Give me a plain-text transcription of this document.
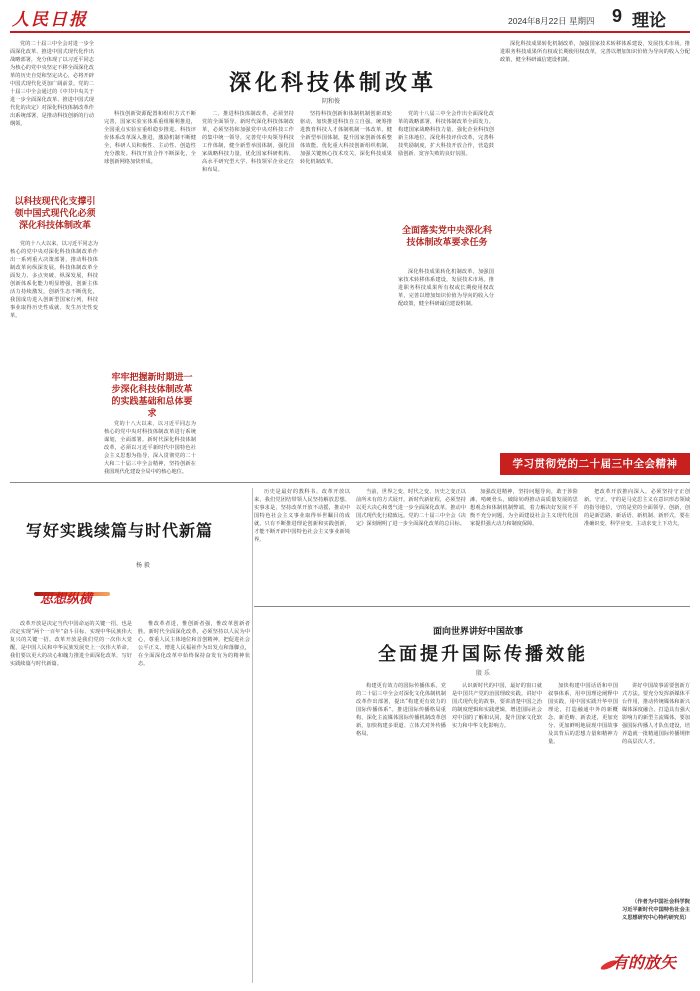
人民日报	2024年8月22日 星期四 9 理论

党的二十届三中全会对进一步全面深化改革、推进中国式现代化作出战略部署，充分体现了以习近平同志为核心的党中央坚定不移全面深化改革的历史自觉和坚定决心，必将开辟中国式现代化更加广阔前景。党的二十届三中全会通过的《中共中央关于进一步全面深化改革、推进中国式现代化的决定》对深化科技体制改革作出系统部署，是推动科技创新的行动纲领。

深化科技体制改革
阴和俊
以科技现代化支撑引领中国式现代化必须深化科技体制改革

党的十八大以来，以习近平同志为核心的党中央对深化科技体制改革作出一系列重大决策部署，推动科技体制改革向纵深发展。科技体制改革全面发力、多点突破、纵深发展，科技创新体系化能力明显增强，创新主体活力持续激发，创新生态不断优化，我国成功进入创新型国家行列，科技事业取得历史性成就、发生历史性变革。

科技创新资源配置和组织方式不断完善，国家实验室体系重组顺利推进，全国重点实验室重组稳步推进。科技评价体系改革深入推进，激励机制不断健全，科研人员积极性、主动性、创造性充分激发。科技开放合作不断深化，全球创新网络加快形成。

牢牢把握新时期进一步深化科技体制改革的实践基础和总体要求

党的十八大以来，以习近平同志为核心的党中央对科技体制改革进行系统谋划，全面部署。新时代深化科技体制改革，必须以习近平新时代中国特色社会主义思想为指导，深入贯彻党的二十大和二十届三中全会精神，坚持创新在我国现代化建设全局中的核心地位。

二、推进科技体制改革，必须坚持党的全面领导。新时代深化科技体制改革，必须坚持和加强党中央对科技工作的集中统一领导，完善党中央领导科技工作体制，健全新型举国体制，强化国家战略科技力量，优化国家科研机构、高水平研究型大学、科技领军企业定位和布局。

坚持科技创新和体制机制创新双轮驱动，加快推进科技自立自强。统筹推进教育科技人才体制机制一体改革，健全新型举国体制，提升国家创新体系整体效能。优化重大科技创新组织机制，加强关键核心技术攻关，深化科技成果转化机制改革。

全面落实党中央深化科技体制改革要求任务

党的十八届三中全会作出全面深化改革的战略部署，科技体制改革全面发力。构建国家战略科技力量，强化企业科技创新主体地位，深化科技评价改革，完善科技奖励制度，扩大科技开放合作，营造鼓励创新、宽容失败的良好氛围。

深化科技成果转化机制改革，加强国家技术转移体系建设，发展技术市场。推进职务科技成果所有权或长期使用权改革，完善以增加知识价值为导向的收入分配政策，健全科研诚信建设机制。

深化科技成果转化机制改革，加强国家技术转移体系建设，发展技术市场。推进职务科技成果所有权或长期使用权改革，完善以增加知识价值为导向的收入分配政策，健全科研诚信建设机制。

学习贯彻党的二十届三中全会精神
写好实践续篇与时代新篇
杨 毅
思想纵横

改革开放是决定当代中国命运的关键一招，也是决定实现“两个一百年”奋斗目标、实现中华民族伟大复兴的关键一招。改革开放是我们党的一次伟大觉醒，是中国人民和中华民族发展史上一次伟大革命。我们要以更大的决心和魄力推进全面深化改革，写好实践续篇与时代新篇。

惟改革者进，惟创新者强，惟改革创新者胜。新时代全面深化改革，必须坚持以人民为中心，尊重人民主体地位和首创精神，把促进社会公平正义、增进人民福祉作为出发点和落脚点，在全面深化改革中始终保持奋发有为的精神状态。

历史是最好的教科书。改革开放以来，我们党团结带领人民坚持解放思想、实事求是，坚持改革开放不动摇，推动中国特色社会主义事业取得举世瞩目的成就。只有不断推进理论创新和实践创新，才能不断开辟中国特色社会主义事业新境界。

当前，世界之变、时代之变、历史之变正以前所未有的方式展开。新时代新征程，必须坚持以更大决心和勇气进一步全面深化改革，推动中国式现代化行稳致远。党的二十届三中全会《决定》深刻阐明了进一步全面深化改革的总目标。

加强改进精神，坚持问题导向，敢于涉险滩、啃硬骨头，破除妨碍推动高质量发展的思想观念和体制机制弊端，着力解决好发展不平衡不充分问题，为全面建设社会主义现代化国家提供强大动力和制度保障。

把改革开放推向深入，必须坚持守正创新。守正，守的是马克思主义在意识形态领域的指导地位，守的是党的全面领导。创新，创的是新思路、新话语、新机制、新形式，要在准确识变、科学应变、主动求变上下功夫。

面向世界讲好中国故事
全面提升国际传播效能
殷 乐

构建更有效力的国际传播体系。党的二十届三中全会对深化文化体制机制改革作出部署，提出“构建更有效力的国际传播体系”。推进国际传播格局重构，深化主流媒体国际传播机制改革创新，加快构建多渠道、立体式对外传播格局。

认识新时代的中国，最好的窗口就是中国共产党的治国理政实践。讲好中国式现代化的故事，要讲清楚中国之治的制度逻辑和实践逻辑，增进国际社会对中国的了解和认同，提升国家文化软实力和中华文化影响力。

加快构建中国话语和中国叙事体系，用中国理论阐释中国实践，用中国实践升华中国理论，打造融通中外的新概念、新范畴、新表述，更加充分、更加鲜明地展现中国故事及其背后的思想力量和精神力量。

讲好中国故事需要创新方式方法。要充分发挥新媒体平台作用，推动传统媒体和新兴媒体深度融合，打造具有强大影响力的新型主流媒体。要加强国际传播人才队伍建设，培养造就一批精通国际传播规律的高层次人才。

（作者为中国社会科学院习近平新时代中国特色社会主义思想研究中心特约研究员）

有的放矢
